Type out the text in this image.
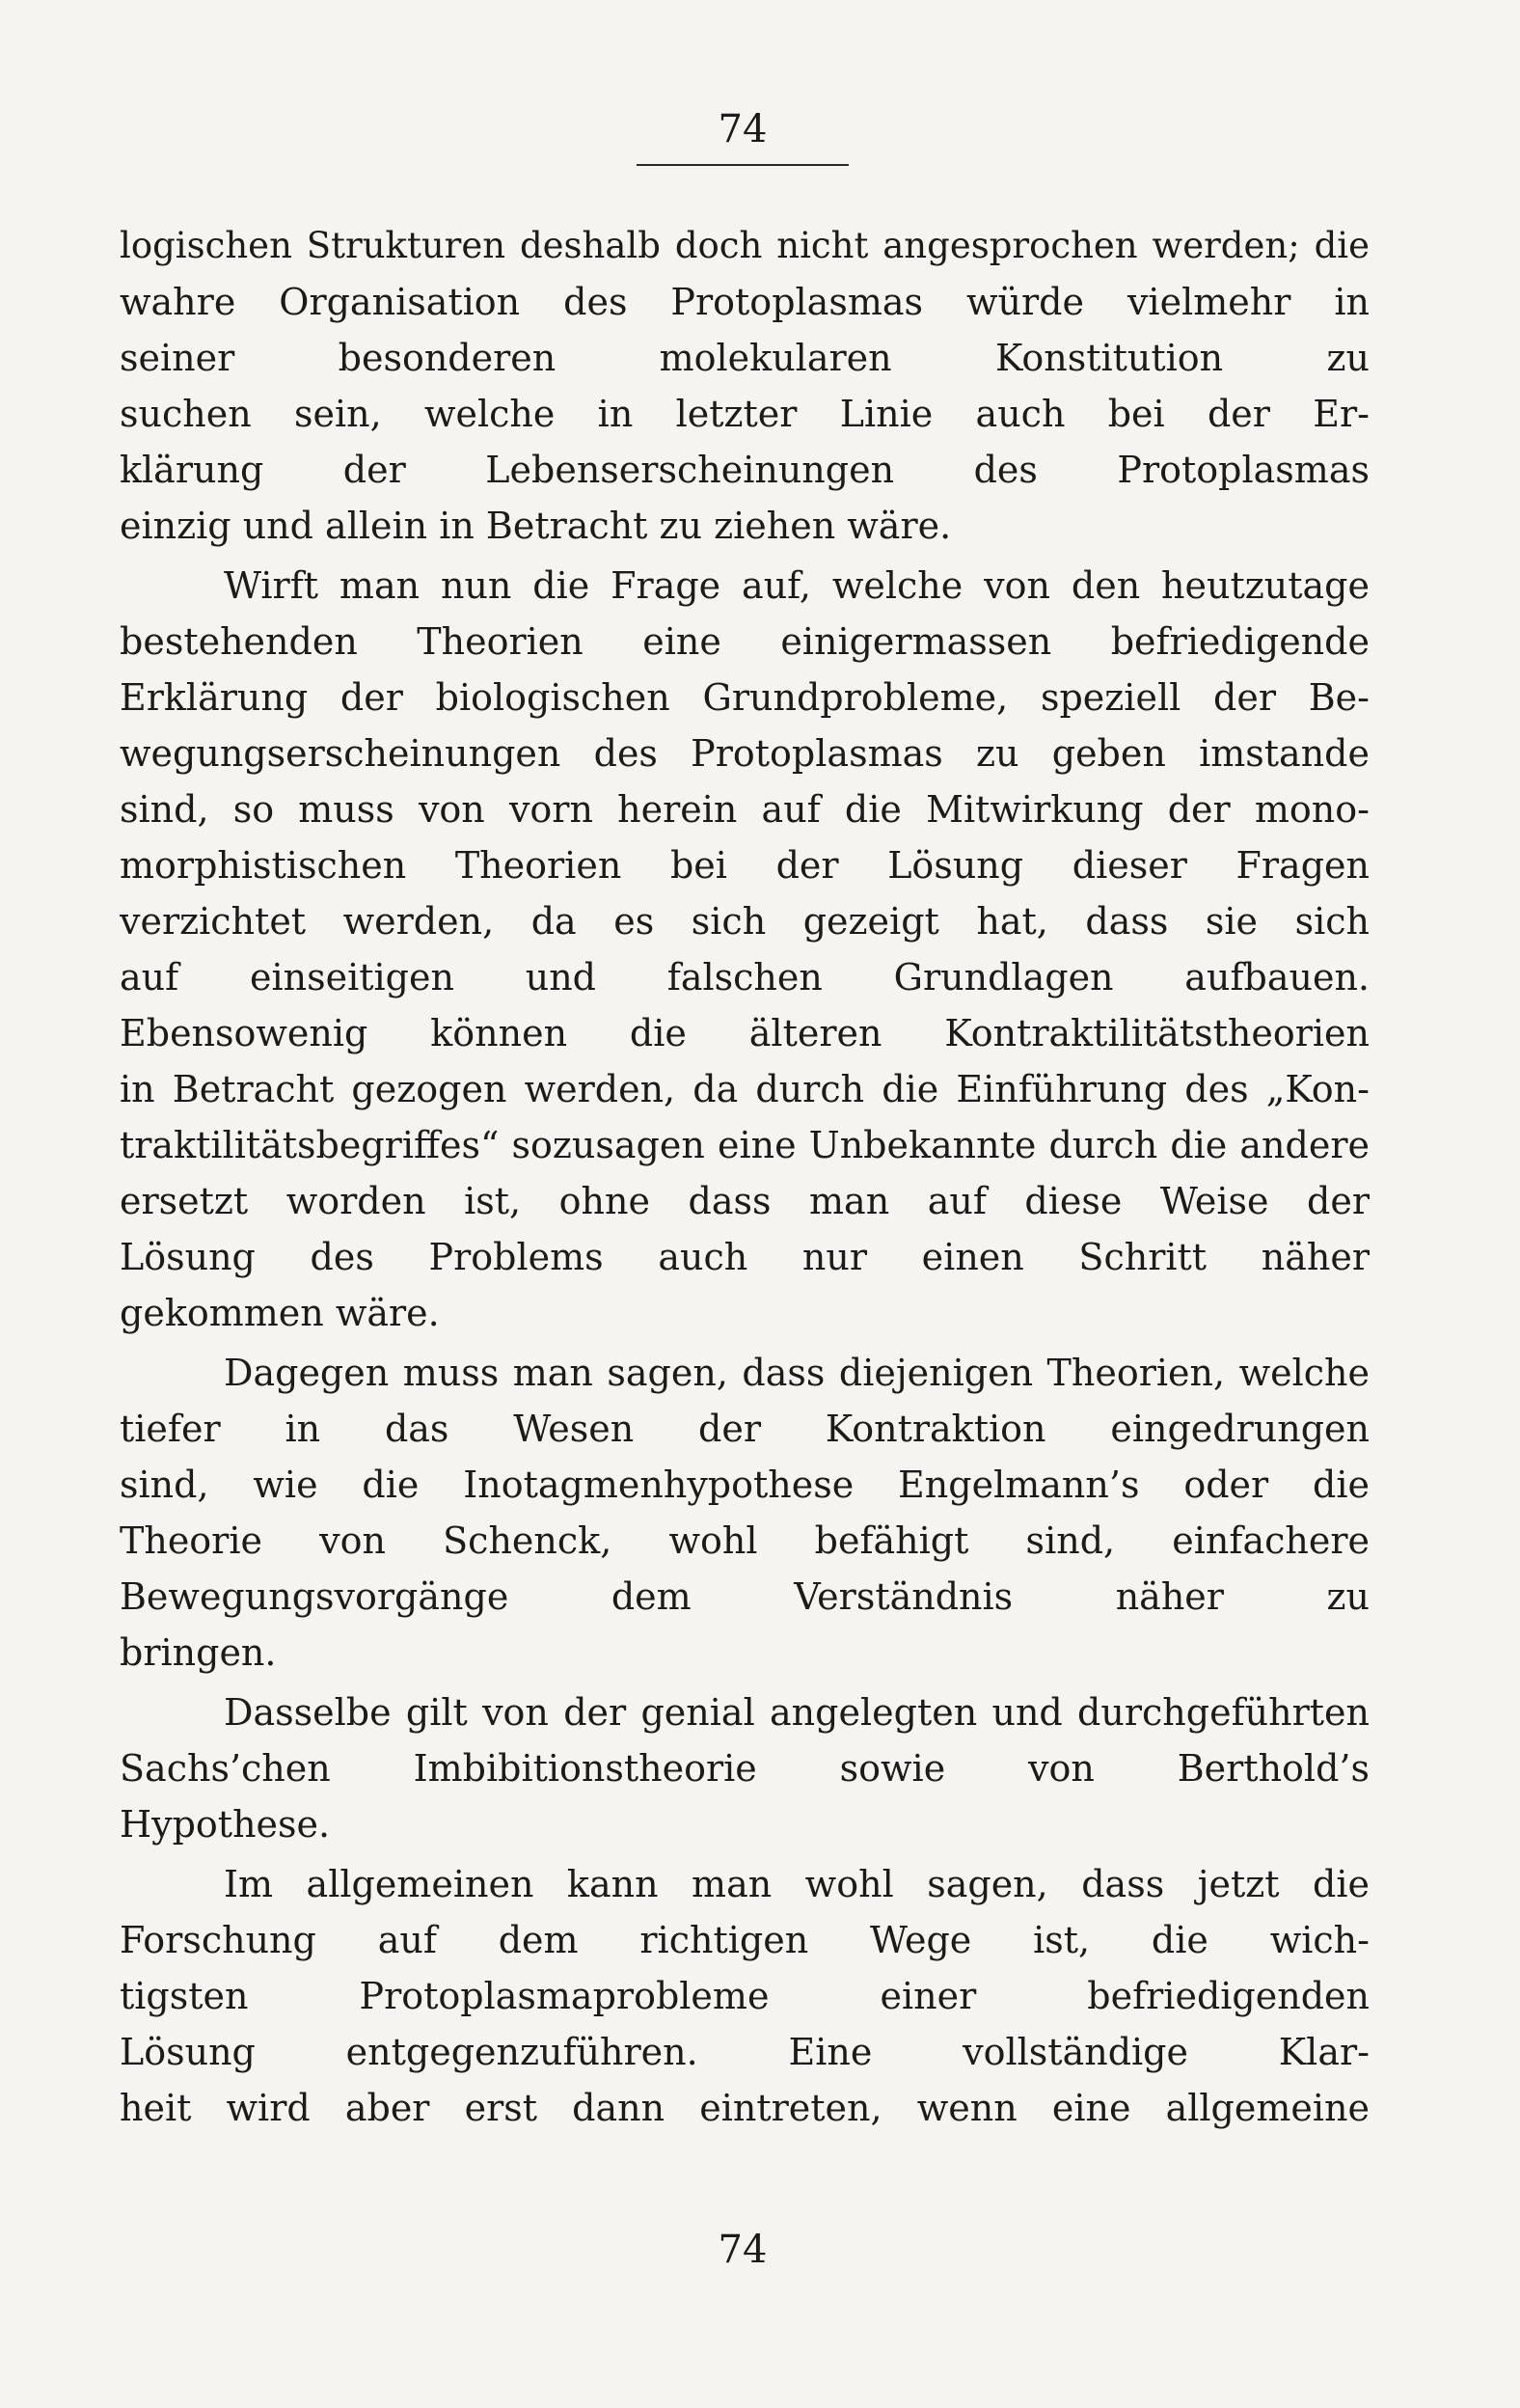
74
logischen Strukturen deshalb doch nicht angesprochen werden; die
wahre Organisation des Protoplasmas würde vielmehr in
seiner besonderen molekularen Konstitution zu
suchen sein, welche in letzter Linie auch bei der Er-
klärung der Lebenserscheinungen des Protoplasmas
einzig und allein in Betracht zu ziehen wäre.
Wirft man nun die Frage auf, welche von den heutzutage
bestehenden Theorien eine einigermassen befriedigende
Erklärung der biologischen Grundprobleme, speziell der Be-
wegungserscheinungen des Protoplasmas zu geben imstande
sind, so muss von vorn herein auf die Mitwirkung der mono-
morphistischen Theorien bei der Lösung dieser Fragen
verzichtet werden, da es sich gezeigt hat, dass sie sich
auf einseitigen und falschen Grundlagen aufbauen.
Ebensowenig können die älteren Kontraktilitätstheorien
in Betracht gezogen werden, da durch die Einführung des „Kon-
traktilitätsbegriffes“ sozusagen eine Unbekannte durch die andere
ersetzt worden ist, ohne dass man auf diese Weise der
Lösung des Problems auch nur einen Schritt näher
gekommen wäre.
Dagegen muss man sagen, dass diejenigen Theorien, welche
tiefer in das Wesen der Kontraktion eingedrungen
sind, wie die Inotagmenhypothese Engelmann’s oder die
Theorie von Schenck, wohl befähigt sind, einfachere
Bewegungsvorgänge dem Verständnis näher zu
bringen.
Dasselbe gilt von der genial angelegten und durchgeführten
Sachs’chen Imbibitionstheorie sowie von Berthold’s
Hypothese.
Im allgemeinen kann man wohl sagen, dass jetzt die
Forschung auf dem richtigen Wege ist, die wich-
tigsten Protoplasmaprobleme einer befriedigenden
Lösung entgegenzuführen. Eine vollständige Klar-
heit wird aber erst dann eintreten, wenn eine allgemeine
74
